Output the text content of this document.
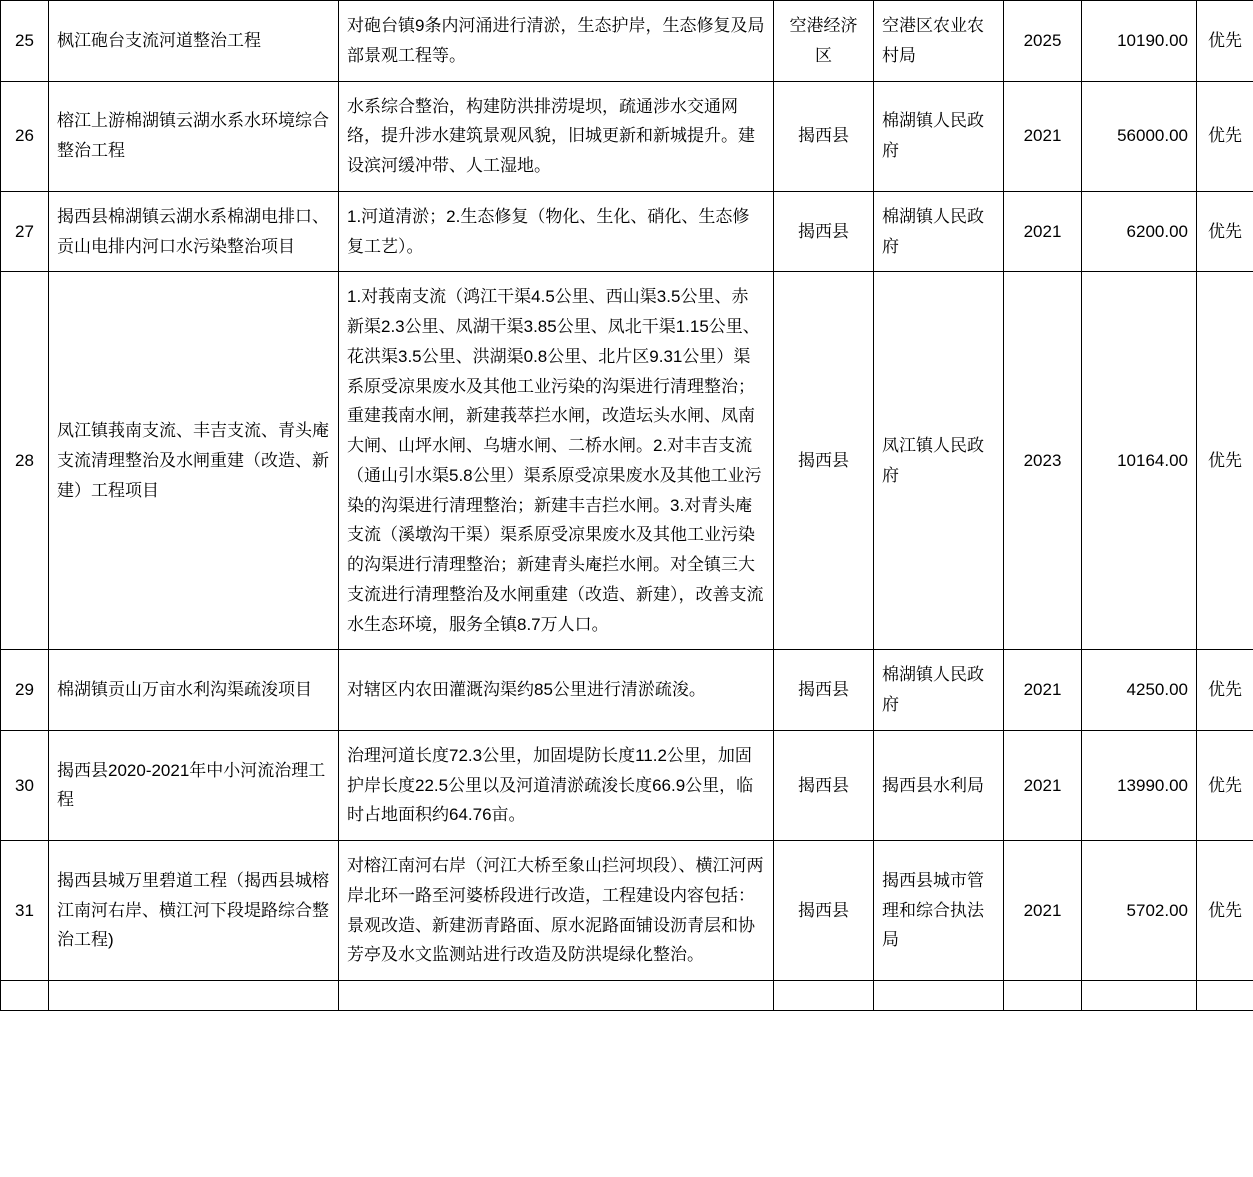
25	枫江砲台支流河道整治工程	对砲台镇9条内河涌进行清淤，生态护岸，生态修复及局部景观工程等。	空港经济区	空港区农业农村局	2025	10190.00	优先
26	榕江上游棉湖镇云湖水系水环境综合整治工程	水系综合整治，构建防洪排涝堤坝，疏通涉水交通网络，提升涉水建筑景观风貌，旧城更新和新城提升。建设滨河缓冲带、人工湿地。	揭西县	棉湖镇人民政府	2021	56000.00	优先
27	揭西县棉湖镇云湖水系棉湖电排口、贡山电排内河口水污染整治项目	1.河道清淤；2.生态修复（物化、生化、硝化、生态修复工艺）。	揭西县	棉湖镇人民政府	2021	6200.00	优先
28	凤江镇莪南支流、丰吉支流、青头庵支流清理整治及水闸重建（改造、新建）工程项目	1.对莪南支流（鸿江干渠4.5公里、西山渠3.5公里、赤新渠2.3公里、凤湖干渠3.85公里、凤北干渠1.15公里、花洪渠3.5公里、洪湖渠0.8公里、北片区9.31公里）渠系原受凉果废水及其他工业污染的沟渠进行清理整治；重建莪南水闸，新建莪萃拦水闸，改造坛头水闸、凤南大闸、山坪水闸、乌塘水闸、二桥水闸。2.对丰吉支流（通山引水渠5.8公里）渠系原受凉果废水及其他工业污染的沟渠进行清理整治；新建丰吉拦水闸。3.对青头庵支流（溪墩沟干渠）渠系原受凉果废水及其他工业污染的沟渠进行清理整治；新建青头庵拦水闸。对全镇三大支流进行清理整治及水闸重建（改造、新建），改善支流水生态环境，服务全镇8.7万人口。	揭西县	凤江镇人民政府	2023	10164.00	优先
29	棉湖镇贡山万亩水利沟渠疏浚项目	对辖区内农田灌溉沟渠约85公里进行清淤疏浚。	揭西县	棉湖镇人民政府	2021	4250.00	优先
30	揭西县2020-2021年中小河流治理工程	治理河道长度72.3公里，加固堤防长度11.2公里，加固护岸长度22.5公里以及河道清淤疏浚长度66.9公里，临时占地面积约64.76亩。	揭西县	揭西县水利局	2021	13990.00	优先
31	揭西县城万里碧道工程（揭西县城榕江南河右岸、横江河下段堤路综合整治工程)	对榕江南河右岸（河江大桥至象山拦河坝段）、横江河两岸北环一路至河婆桥段进行改造，工程建设内容包括：景观改造、新建沥青路面、原水泥路面铺设沥青层和协芳亭及水文监测站进行改造及防洪堤绿化整治。	揭西县	揭西县城市管理和综合执法局	2021	5702.00	优先
